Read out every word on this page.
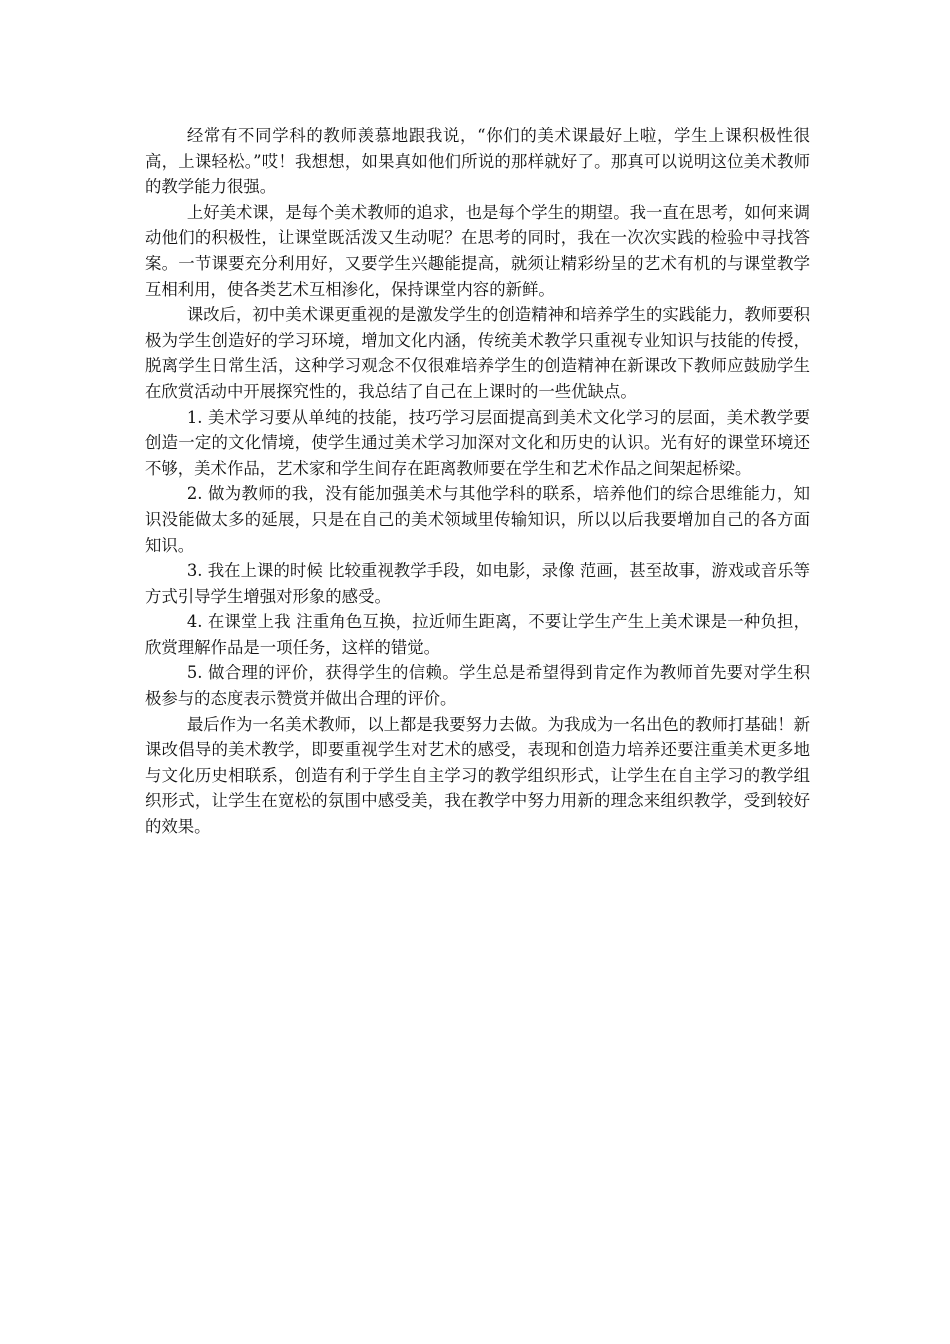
经常有不同学科的教师羡慕地跟我说，“你们的美术课最好上啦，学生上课积极性很高，上课轻松。”哎！我想想，如果真如他们所说的那样就好了。那真可以说明这位美术教师的教学能力很强。

上好美术课，是每个美术教师的追求，也是每个学生的期望。我一直在思考，如何来调动他们的积极性，让课堂既活泼又生动呢？在思考的同时，我在一次次实践的检验中寻找答案。一节课要充分利用好，又要学生兴趣能提高，就须让精彩纷呈的艺术有机的与课堂教学互相利用，使各类艺术互相渗化，保持课堂内容的新鲜。

课改后，初中美术课更重视的是激发学生的创造精神和培养学生的实践能力，教师要积极为学生创造好的学习环境，增加文化内涵，传统美术教学只重视专业知识与技能的传授，脱离学生日常生活，这种学习观念不仅很难培养学生的创造精神在新课改下教师应鼓励学生在欣赏活动中开展探究性的，我总结了自己在上课时的一些优缺点。

1. 美术学习要从单纯的技能，技巧学习层面提高到美术文化学习的层面，美术教学要创造一定的文化情境，使学生通过美术学习加深对文化和历史的认识。光有好的课堂环境还不够，美术作品，艺术家和学生间存在距离教师要在学生和艺术作品之间架起桥梁。

2. 做为教师的我，没有能加强美术与其他学科的联系，培养他们的综合思维能力，知识没能做太多的延展，只是在自己的美术领域里传输知识，所以以后我要增加自己的各方面知识。

3. 我在上课的时候 比较重视教学手段，如电影，录像 范画，甚至故事，游戏或音乐等方式引导学生增强对形象的感受。

4. 在课堂上我 注重角色互换，拉近师生距离，不要让学生产生上美术课是一种负担，欣赏理解作品是一项任务，这样的错觉。

5. 做合理的评价，获得学生的信赖。学生总是希望得到肯定作为教师首先要对学生积极参与的态度表示赞赏并做出合理的评价。

最后作为一名美术教师，以上都是我要努力去做。为我成为一名出色的教师打基础！新课改倡导的美术教学，即要重视学生对艺术的感受，表现和创造力培养还要注重美术更多地与文化历史相联系，创造有利于学生自主学习的教学组织形式，让学生在自主学习的教学组织形式，让学生在宽松的氛围中感受美，我在教学中努力用新的理念来组织教学，受到较好的效果。
